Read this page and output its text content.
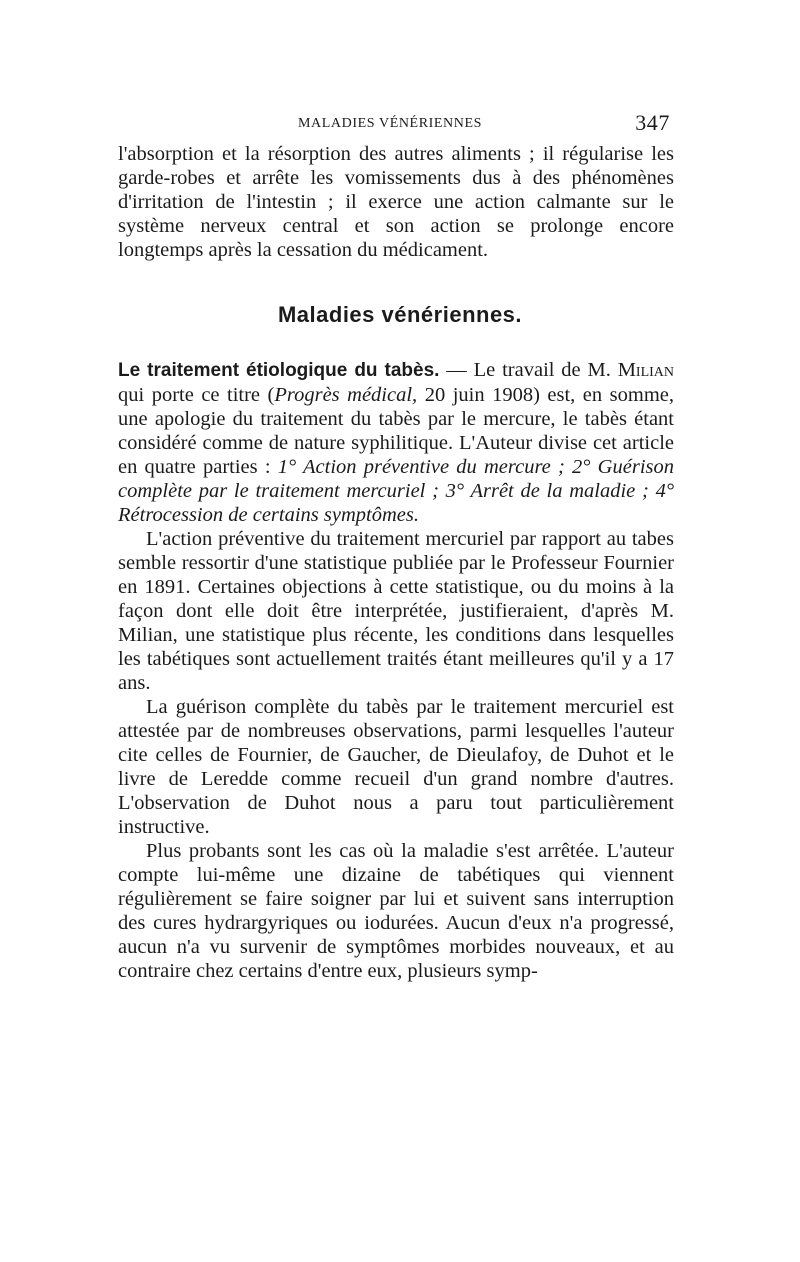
MALADIES VÉNÉRIENNES	347

l'absorption et la résorption des autres aliments ; il régularise les garde-robes et arrête les vomissements dus à des phénomènes d'irritation de l'intestin ; il exerce une action calmante sur le système nerveux central et son action se prolonge encore longtemps après la cessation du médicament.

Maladies vénériennes.

Le traitement étiologique du tabès. — Le travail de M. Milian qui porte ce titre (Progrès médical, 20 juin 1908) est, en somme, une apologie du traitement du tabès par le mercure, le tabès étant considéré comme de nature syphilitique. L'Auteur divise cet article en quatre parties : 1° Action préventive du mercure ; 2° Guérison complète par le traitement mercuriel ; 3° Arrêt de la maladie ; 4° Rétrocession de certains symptômes.

L'action préventive du traitement mercuriel par rapport au tabes semble ressortir d'une statistique publiée par le Professeur Fournier en 1891. Certaines objections à cette statistique, ou du moins à la façon dont elle doit être interprétée, justifieraient, d'après M. Milian, une statistique plus récente, les conditions dans lesquelles les tabétiques sont actuellement traités étant meilleures qu'il y a 17 ans.

La guérison complète du tabès par le traitement mercuriel est attestée par de nombreuses observations, parmi lesquelles l'auteur cite celles de Fournier, de Gaucher, de Dieulafoy, de Duhot et le livre de Leredde comme recueil d'un grand nombre d'autres. L'observation de Duhot nous a paru tout particulièrement instructive.

Plus probants sont les cas où la maladie s'est arrêtée. L'auteur compte lui-même une dizaine de tabétiques qui viennent régulièrement se faire soigner par lui et suivent sans interruption des cures hydrargyriques ou iodurées. Aucun d'eux n'a progressé, aucun n'a vu survenir de symptômes morbides nouveaux, et au contraire chez certains d'entre eux, plusieurs symp-
